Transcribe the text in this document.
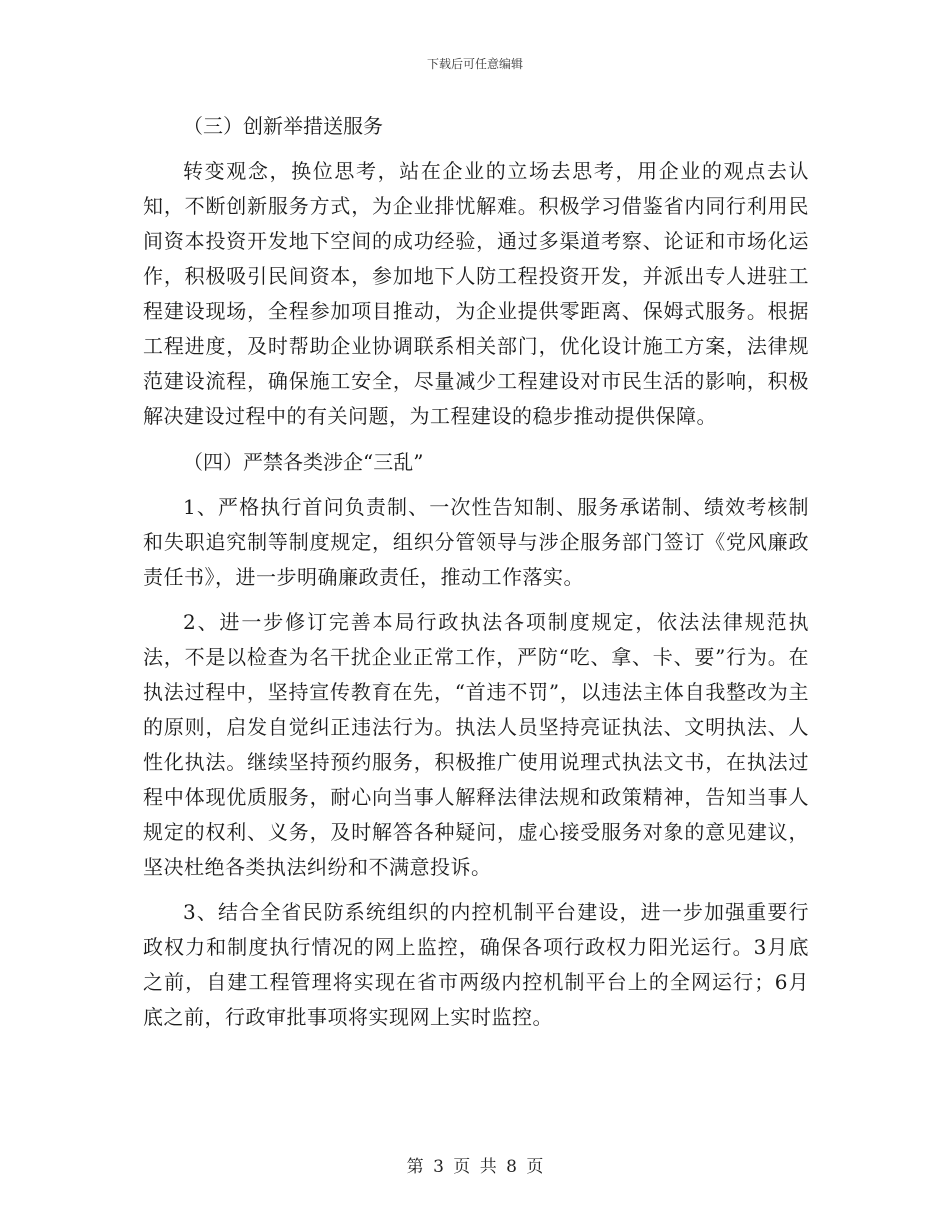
下载后可任意编辑

（三）创新举措送服务

转变观念，换位思考，站在企业的立场去思考，用企业的观点去认知，不断创新服务方式，为企业排忧解难。积极学习借鉴省内同行利用民间资本投资开发地下空间的成功经验，通过多渠道考察、论证和市场化运作，积极吸引民间资本，参加地下人防工程投资开发，并派出专人进驻工程建设现场，全程参加项目推动，为企业提供零距离、保姆式服务。根据工程进度，及时帮助企业协调联系相关部门，优化设计施工方案，法律规范建设流程，确保施工安全，尽量减少工程建设对市民生活的影响，积极解决建设过程中的有关问题，为工程建设的稳步推动提供保障。

（四）严禁各类涉企“三乱”

1、严格执行首问负责制、一次性告知制、服务承诺制、绩效考核制和失职追究制等制度规定，组织分管领导与涉企服务部门签订《党风廉政责任书》，进一步明确廉政责任，推动工作落实。

2、进一步修订完善本局行政执法各项制度规定，依法法律规范执法，不是以检查为名干扰企业正常工作，严防“吃、拿、卡、要”行为。在执法过程中，坚持宣传教育在先，“首违不罚”，以违法主体自我整改为主的原则，启发自觉纠正违法行为。执法人员坚持亮证执法、文明执法、人性化执法。继续坚持预约服务，积极推广使用说理式执法文书，在执法过程中体现优质服务，耐心向当事人解释法律法规和政策精神，告知当事人规定的权利、义务，及时解答各种疑问，虚心接受服务对象的意见建议，坚决杜绝各类执法纠纷和不满意投诉。

3、结合全省民防系统组织的内控机制平台建设，进一步加强重要行政权力和制度执行情况的网上监控，确保各项行政权力阳光运行。3月底之前，自建工程管理将实现在省市两级内控机制平台上的全网运行；6月底之前，行政审批事项将实现网上实时监控。

第 3 页 共 8 页
